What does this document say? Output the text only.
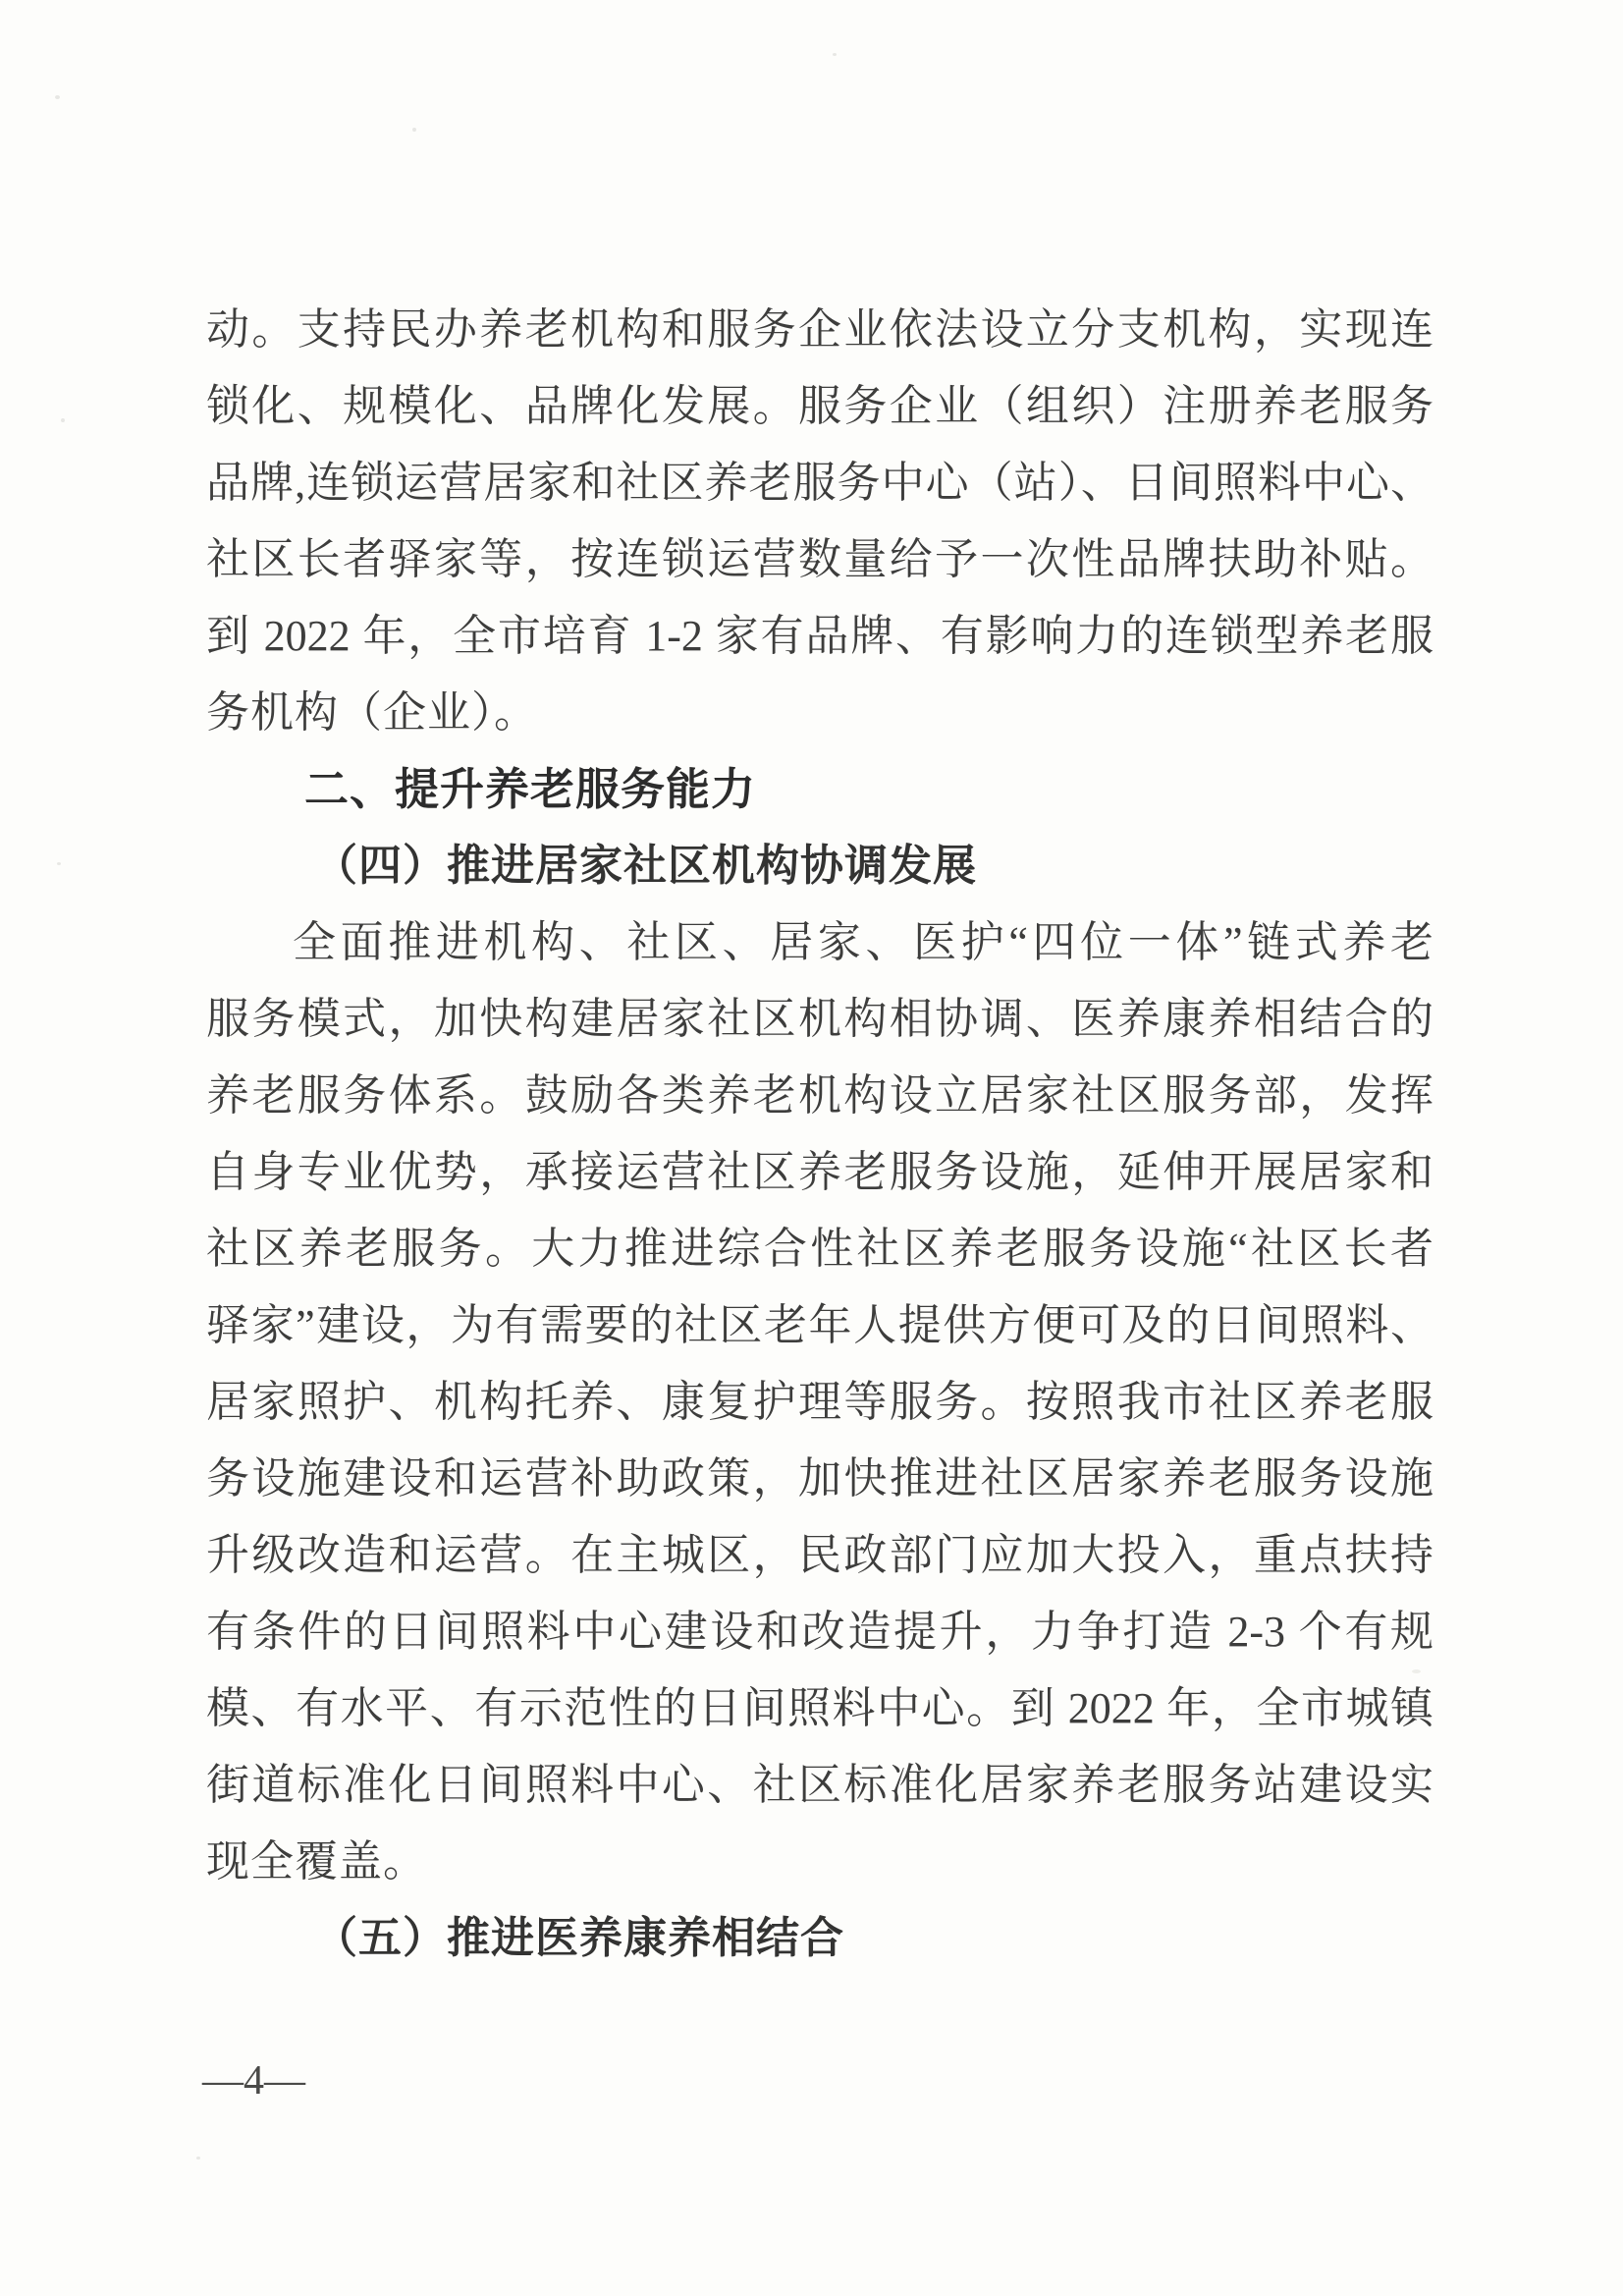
动。支持民办养老机构和服务企业依法设立分支机构，实现连
锁化、规模化、品牌化发展。服务企业（组织）注册养老服务
品牌,连锁运营居家和社区养老服务中心（站）、日间照料中心、
社区长者驿家等，按连锁运营数量给予一次性品牌扶助补贴。
到 2022 年，全市培育 1-2 家有品牌、有影响力的连锁型养老服
务机构（企业）。
二、提升养老服务能力
（四）推进居家社区机构协调发展
全面推进机构、社区、居家、医护“四位一体”链式养老
服务模式，加快构建居家社区机构相协调、医养康养相结合的
养老服务体系。鼓励各类养老机构设立居家社区服务部，发挥
自身专业优势，承接运营社区养老服务设施，延伸开展居家和
社区养老服务。大力推进综合性社区养老服务设施“社区长者
驿家”建设，为有需要的社区老年人提供方便可及的日间照料、
居家照护、机构托养、康复护理等服务。按照我市社区养老服
务设施建设和运营补助政策，加快推进社区居家养老服务设施
升级改造和运营。在主城区，民政部门应加大投入，重点扶持
有条件的日间照料中心建设和改造提升，力争打造 2-3 个有规
模、有水平、有示范性的日间照料中心。到 2022 年，全市城镇
街道标准化日间照料中心、社区标准化居家养老服务站建设实
现全覆盖。
（五）推进医养康养相结合
—4—
